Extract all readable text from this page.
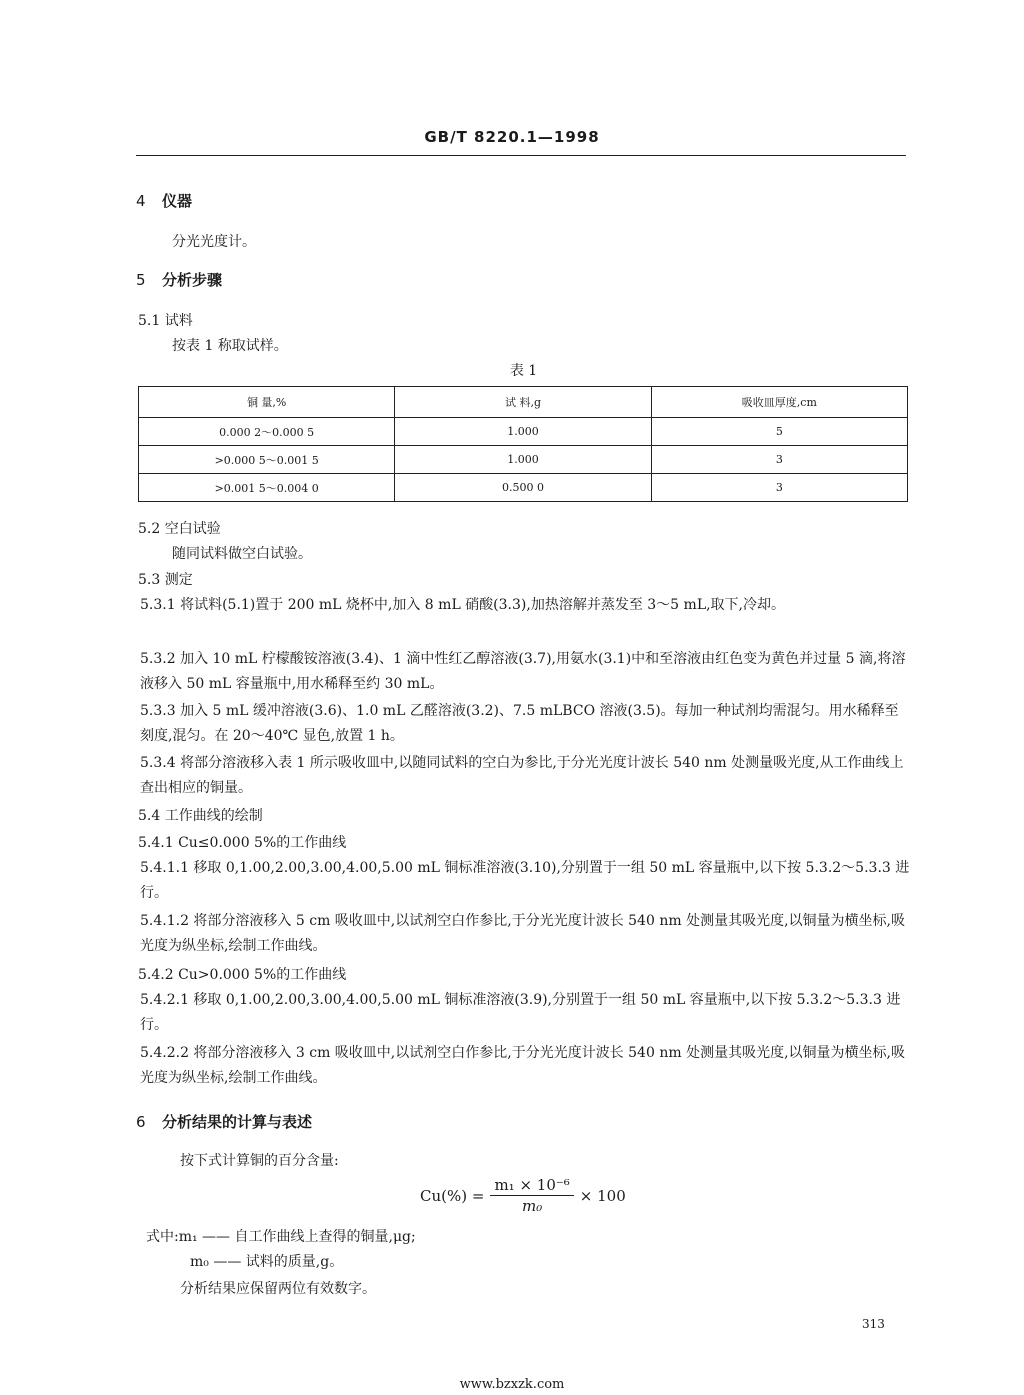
GB/T 8220.1—1998
4 仪器
分光光度计。
5 分析步骤
5.1 试料
按表 1 称取试样。
表 1
铜 量,%	试 料,g	吸收皿厚度,cm
0.000 2～0.000 5	1.000	5
>0.000 5～0.001 5	1.000	3
>0.001 5～0.004 0	0.500 0	3
5.2 空白试验
随同试料做空白试验。
5.3 测定
5.3.1 将试料(5.1)置于 200 mL 烧杯中,加入 8 mL 硝酸(3.3),加热溶解并蒸发至 3～5 mL,取下,冷却。
5.3.2 加入 10 mL 柠檬酸铵溶液(3.4)、1 滴中性红乙醇溶液(3.7),用氨水(3.1)中和至溶液由红色变为黄色并过量 5 滴,将溶液移入 50 mL 容量瓶中,用水稀释至约 30 mL。
5.3.3 加入 5 mL 缓冲溶液(3.6)、1.0 mL 乙醛溶液(3.2)、7.5 mLBCO 溶液(3.5)。每加一种试剂均需混匀。用水稀释至刻度,混匀。在 20～40℃ 显色,放置 1 h。
5.3.4 将部分溶液移入表 1 所示吸收皿中,以随同试料的空白为参比,于分光光度计波长 540 nm 处测量吸光度,从工作曲线上查出相应的铜量。
5.4 工作曲线的绘制
5.4.1 Cu≤0.000 5%的工作曲线
5.4.1.1 移取 0,1.00,2.00,3.00,4.00,5.00 mL 铜标准溶液(3.10),分别置于一组 50 mL 容量瓶中,以下按 5.3.2～5.3.3 进行。
5.4.1.2 将部分溶液移入 5 cm 吸收皿中,以试剂空白作参比,于分光光度计波长 540 nm 处测量其吸光度,以铜量为横坐标,吸光度为纵坐标,绘制工作曲线。
5.4.2 Cu>0.000 5%的工作曲线
5.4.2.1 移取 0,1.00,2.00,3.00,4.00,5.00 mL 铜标准溶液(3.9),分别置于一组 50 mL 容量瓶中,以下按 5.3.2～5.3.3 进行。
5.4.2.2 将部分溶液移入 3 cm 吸收皿中,以试剂空白作参比,于分光光度计波长 540 nm 处测量其吸光度,以铜量为横坐标,吸光度为纵坐标,绘制工作曲线。
6 分析结果的计算与表述
按下式计算铜的百分含量:
$Cu(\%) = \frac{\text{m₁ × 10⁻⁶}}{\text{m₀}} \times 100$
式中:m₁ —— 自工作曲线上查得的铜量,μg;
m₀ —— 试料的质量,g。
分析结果应保留两位有效数字。
313
www.bzxzk.com
